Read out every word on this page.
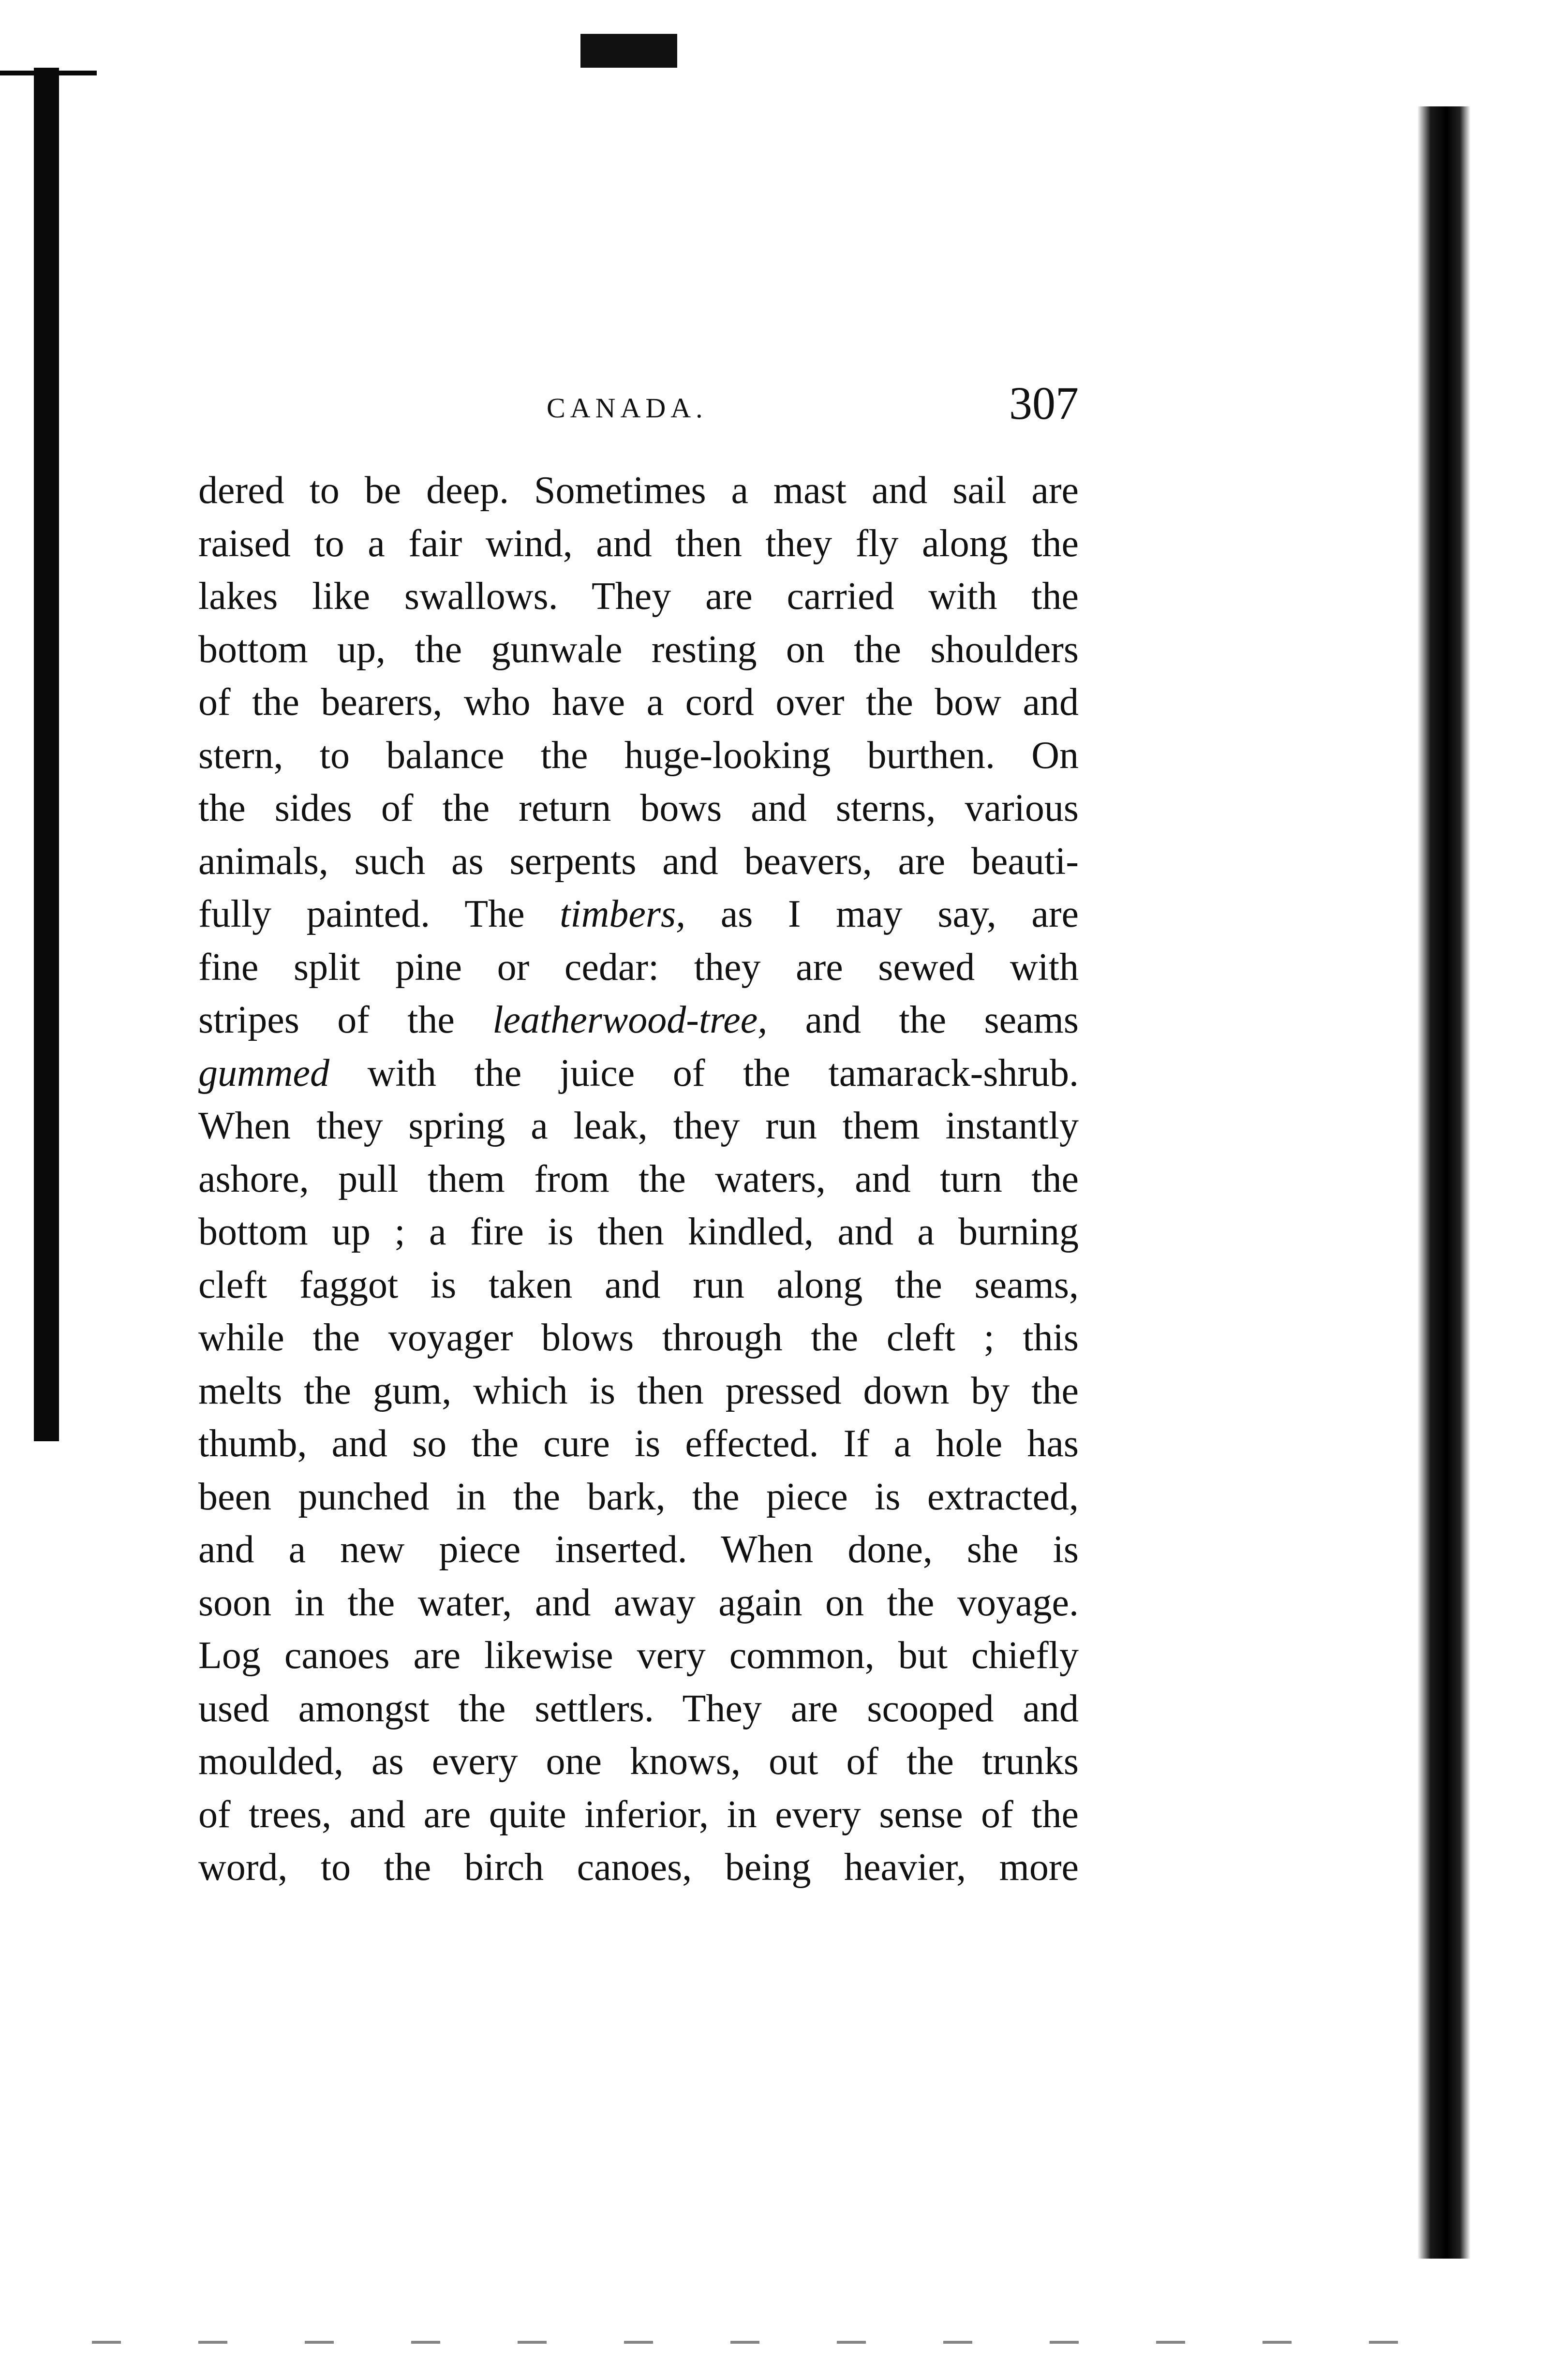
CANADA.	307
dered to be deep. Sometimes a mast and sail are
raised to a fair wind, and then they fly along the
lakes like swallows. They are carried with the
bottom up, the gunwale resting on the shoulders
of the bearers, who have a cord over the bow and
stern, to balance the huge-looking burthen. On
the sides of the return bows and sterns, various
animals, such as serpents and beavers, are beauti-
fully painted. The timbers, as I may say, are
fine split pine or cedar: they are sewed with
stripes of the leatherwood-tree, and the seams
gummed with the juice of the tamarack-shrub.
When they spring a leak, they run them instantly
ashore, pull them from the waters, and turn the
bottom up ; a fire is then kindled, and a burning
cleft faggot is taken and run along the seams,
while the voyager blows through the cleft ; this
melts the gum, which is then pressed down by the
thumb, and so the cure is effected. If a hole has
been punched in the bark, the piece is extracted,
and a new piece inserted. When done, she is
soon in the water, and away again on the voyage.
Log canoes are likewise very common, but chiefly
used amongst the settlers. They are scooped and
moulded, as every one knows, out of the trunks
of trees, and are quite inferior, in every sense of the
word, to the birch canoes, being heavier, more
